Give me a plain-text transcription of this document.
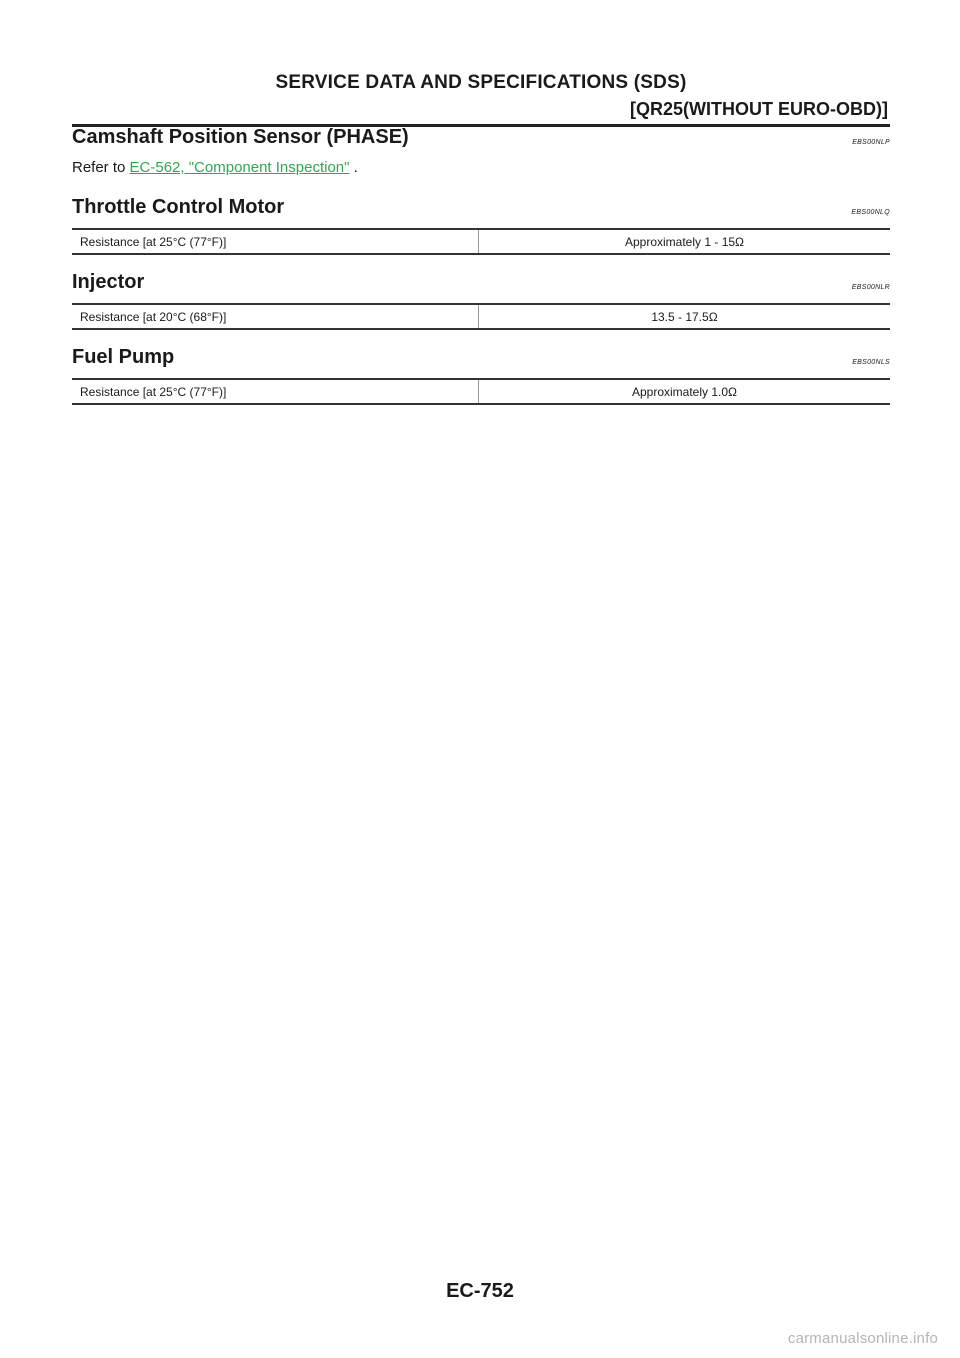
SERVICE DATA AND SPECIFICATIONS (SDS)
[QR25(WITHOUT EURO-OBD)]
Camshaft Position Sensor (PHASE)	EBS00NLP

Refer to EC-562, "Component Inspection" .

Throttle Control Motor	EBS00NLQ
Resistance [at 25°C (77°F)]	Approximately 1 - 15Ω
Injector	EBS00NLR
Resistance [at 20°C (68°F)]	13.5 - 17.5Ω
Fuel Pump	EBS00NLS
Resistance [at 25°C (77°F)]	Approximately 1.0Ω
EC-752
carmanualsonline.info
